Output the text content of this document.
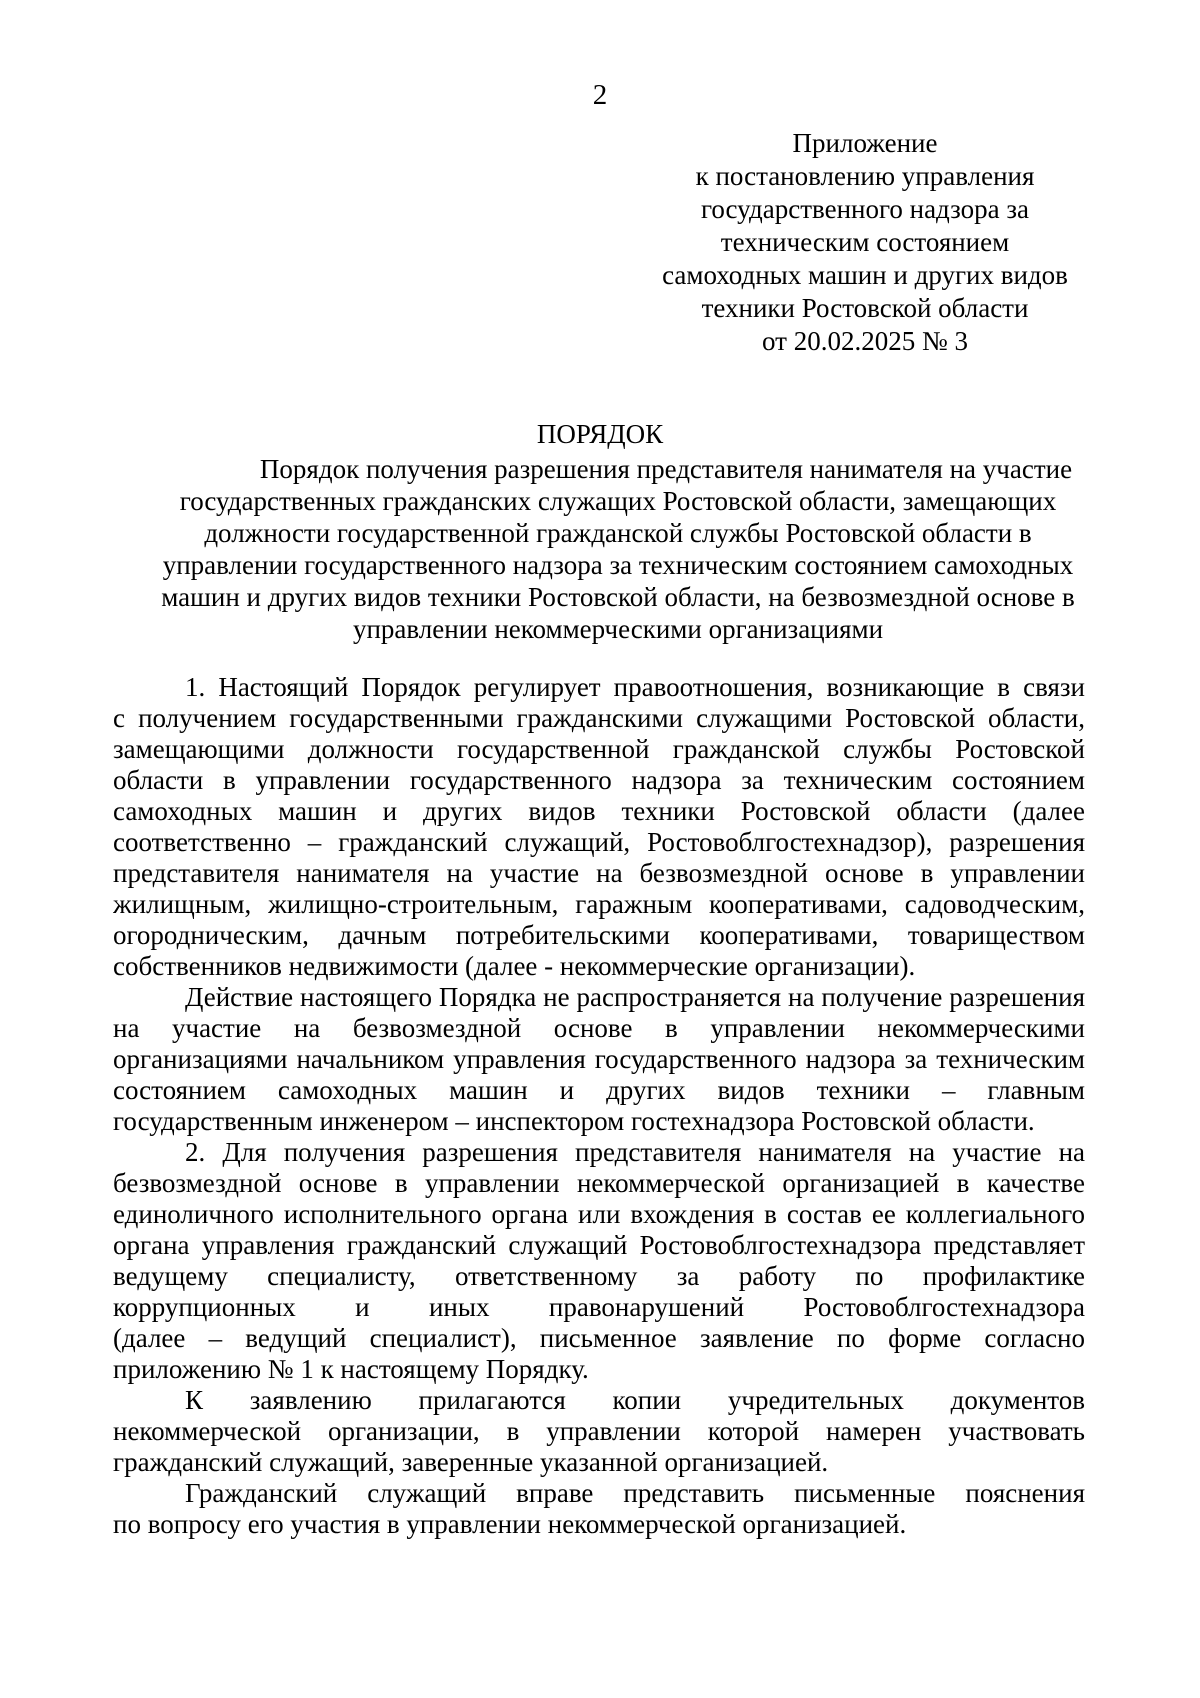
2
Приложение
к постановлению управления
государственного надзора за
техническим состоянием
самоходных машин и других видов
техники Ростовской области
от 20.02.2025 № 3
ПОРЯДОК
Порядок получения разрешения представителя нанимателя на участие
государственных гражданских служащих Ростовской области, замещающих
должности государственной гражданской службы Ростовской области в
управлении государственного надзора за техническим состоянием самоходных
машин и других видов техники Ростовской области, на безвозмездной основе в
управлении некоммерческими организациями
1. Настоящий Порядок регулирует правоотношения, возникающие в связи
с получением государственными гражданскими служащими Ростовской области,
замещающими должности государственной гражданской службы Ростовской
области в управлении государственного надзора за техническим состоянием
самоходных машин и других видов техники Ростовской области (далее
соответственно – гражданский служащий, Ростовоблгостехнадзор), разрешения
представителя нанимателя на участие на безвозмездной основе в управлении
жилищным, жилищно-строительным, гаражным кооперативами, садоводческим,
огородническим, дачным потребительскими кооперативами, товариществом
собственников недвижимости (далее - некоммерческие организации).
Действие настоящего Порядка не распространяется на получение разрешения
на участие на безвозмездной основе в управлении некоммерческими
организациями начальником управления государственного надзора за техническим
состоянием самоходных машин и других видов техники – главным
государственным инженером – инспектором гостехнадзора Ростовской области.
2. Для получения разрешения представителя нанимателя на участие на
безвозмездной основе в управлении некоммерческой организацией в качестве
единоличного исполнительного органа или вхождения в состав ее коллегиального
органа управления гражданский служащий Ростовоблгостехнадзора представляет
ведущему специалисту, ответственному за работу по профилактике
коррупционных и иных правонарушений Ростовоблгостехнадзора
(далее – ведущий специалист), письменное заявление по форме согласно
приложению № 1 к настоящему Порядку.
К заявлению прилагаются копии учредительных документов
некоммерческой организации, в управлении которой намерен участвовать
гражданский служащий, заверенные указанной организацией.
Гражданский служащий вправе представить письменные пояснения
по вопросу его участия в управлении некоммерческой организацией.
